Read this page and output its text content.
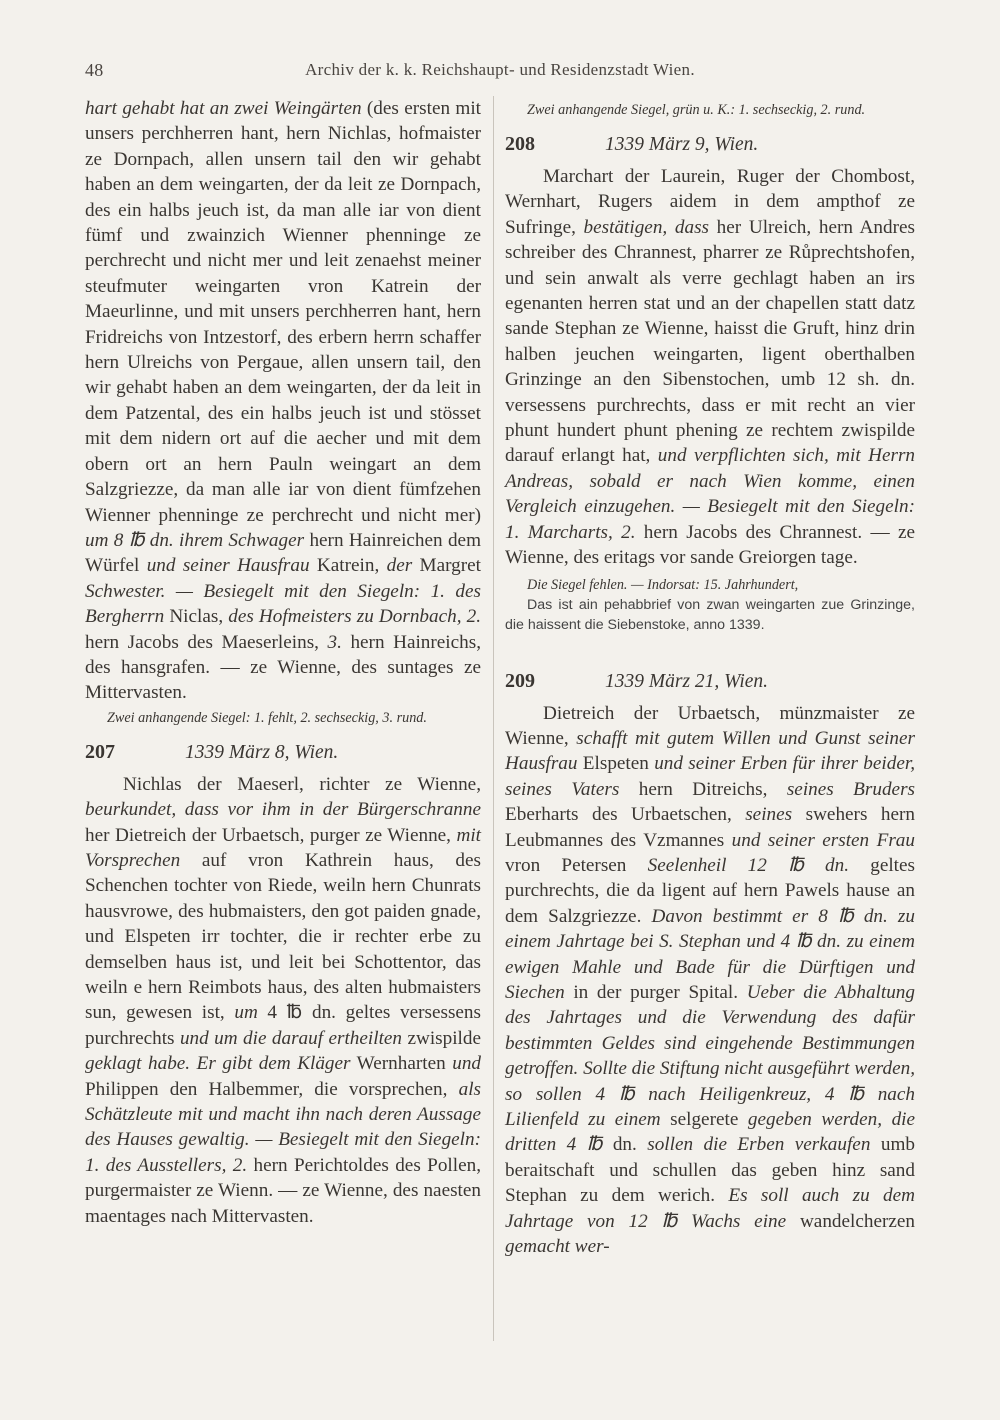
48	Archiv der k. k. Reichshaupt- und Residenzstadt Wien.

hart gehabt hat an zwei Weingärten (des ersten mit unsers perchherren hant, hern Nichlas, hofmaister ze Dornpach, allen unsern tail den wir gehabt haben an dem weingarten, der da leit ze Dornpach, des ein halbs jeuch ist, da man alle iar von dient fümf und zwainzich Wienner phenninge ze perchrecht und nicht mer und leit zenaehst meiner steufmuter weingarten vron Katrein der Maeurlinne, und mit unsers perchherren hant, hern Fridreichs von Intzestorf, des erbern herrn schaffer hern Ulreichs von Pergaue, allen unsern tail, den wir gehabt haben an dem weingarten, der da leit in dem Patzental, des ein halbs jeuch ist und stösset mit dem nidern ort auf die aecher und mit dem obern ort an hern Pauln weingart an dem Salzgriezze, da man alle iar von dient fümfzehen Wienner phenninge ze perchrecht und nicht mer) um 8 ℔ dn. ihrem Schwager hern Hainreichen dem Würfel und seiner Hausfrau Katrein, der Margret Schwester. — Besiegelt mit den Siegeln: 1. des Bergherrn Niclas, des Hofmeisters zu Dornbach, 2. hern Jacobs des Maeserleins, 3. hern Hainreichs, des hansgrafen. — ze Wienne, des suntages ze Mittervasten.

Zwei anhangende Siegel: 1. fehlt, 2. sechseckig, 3. rund.

207	1339 März 8, Wien.

Nichlas der Maeserl, richter ze Wienne, beurkundet, dass vor ihm in der Bürgerschranne her Dietreich der Urbaetsch, purger ze Wienne, mit Vorsprechen auf vron Kathrein haus, des Schenchen tochter von Riede, weiln hern Chunrats hausvrowe, des hubmaisters, den got paiden gnade, und Elspeten irr tochter, die ir rechter erbe zu demselben haus ist, und leit bei Schottentor, das weiln e hern Reimbots haus, des alten hubmaisters sun, gewesen ist, um 4 ℔ dn. geltes versessens purchrechts und um die darauf ertheilten zwispilde geklagt habe. Er gibt dem Kläger Wernharten und Philippen den Halbemmer, die vorsprechen, als Schätzleute mit und macht ihn nach deren Aussage des Hauses gewaltig. — Besiegelt mit den Siegeln: 1. des Ausstellers, 2. hern Perichtoldes des Pollen, purgermaister ze Wienn. — ze Wienne, des naesten maentages nach Mittervasten.

Zwei anhangende Siegel, grün u. K.: 1. sechseckig, 2. rund.

208	1339 März 9, Wien.

Marchart der Laurein, Ruger der Chombost, Wernhart, Rugers aidem in dem ampthof ze Sufringe, bestätigen, dass her Ulreich, hern Andres schreiber des Chrannest, pharrer ze Růprechtshofen, und sein anwalt als verre gechlagt haben an irs egenanten herren stat und an der chapellen statt datz sande Stephan ze Wienne, haisst die Gruft, hinz drin halben jeuchen weingarten, ligent oberthalben Grinzinge an den Sibenstochen, umb 12 sh. dn. versessens purchrechts, dass er mit recht an vier phunt hundert phunt phening ze rechtem zwispilde darauf erlangt hat, und verpflichten sich, mit Herrn Andreas, sobald er nach Wien komme, einen Vergleich einzugehen. — Besiegelt mit den Siegeln: 1. Marcharts, 2. hern Jacobs des Chrannest. — ze Wienne, des eritags vor sande Greiorgen tage.

Die Siegel fehlen. — Indorsat: 15. Jahrhundert,

Das ist ain pehabbrief von zwan weingarten zue Grinzinge, die haissent die Siebenstoke, anno 1339.

209	1339 März 21, Wien.

Dietreich der Urbaetsch, münzmaister ze Wienne, schafft mit gutem Willen und Gunst seiner Hausfrau Elspeten und seiner Erben für ihrer beider, seines Vaters hern Ditreichs, seines Bruders Eberharts des Urbaetschen, seines swehers hern Leubmannes des Vzmannes und seiner ersten Frau vron Petersen Seelenheil 12 ℔ dn. geltes purchrechts, die da ligent auf hern Pawels hause an dem Salzgriezze. Davon bestimmt er 8 ℔ dn. zu einem Jahrtage bei S. Stephan und 4 ℔ dn. zu einem ewigen Mahle und Bade für die Dürftigen und Siechen in der purger Spital. Ueber die Abhaltung des Jahrtages und die Verwendung des dafür bestimmten Geldes sind eingehende Bestimmungen getroffen. Sollte die Stiftung nicht ausgeführt werden, so sollen 4 ℔ nach Heiligenkreuz, 4 ℔ nach Lilienfeld zu einem selgerete gegeben werden, die dritten 4 ℔ dn. sollen die Erben verkaufen umb beraitschaft und schullen das geben hinz sand Stephan zu dem werich. Es soll auch zu dem Jahrtage von 12 ℔ Wachs eine wandelcherzen gemacht wer-
